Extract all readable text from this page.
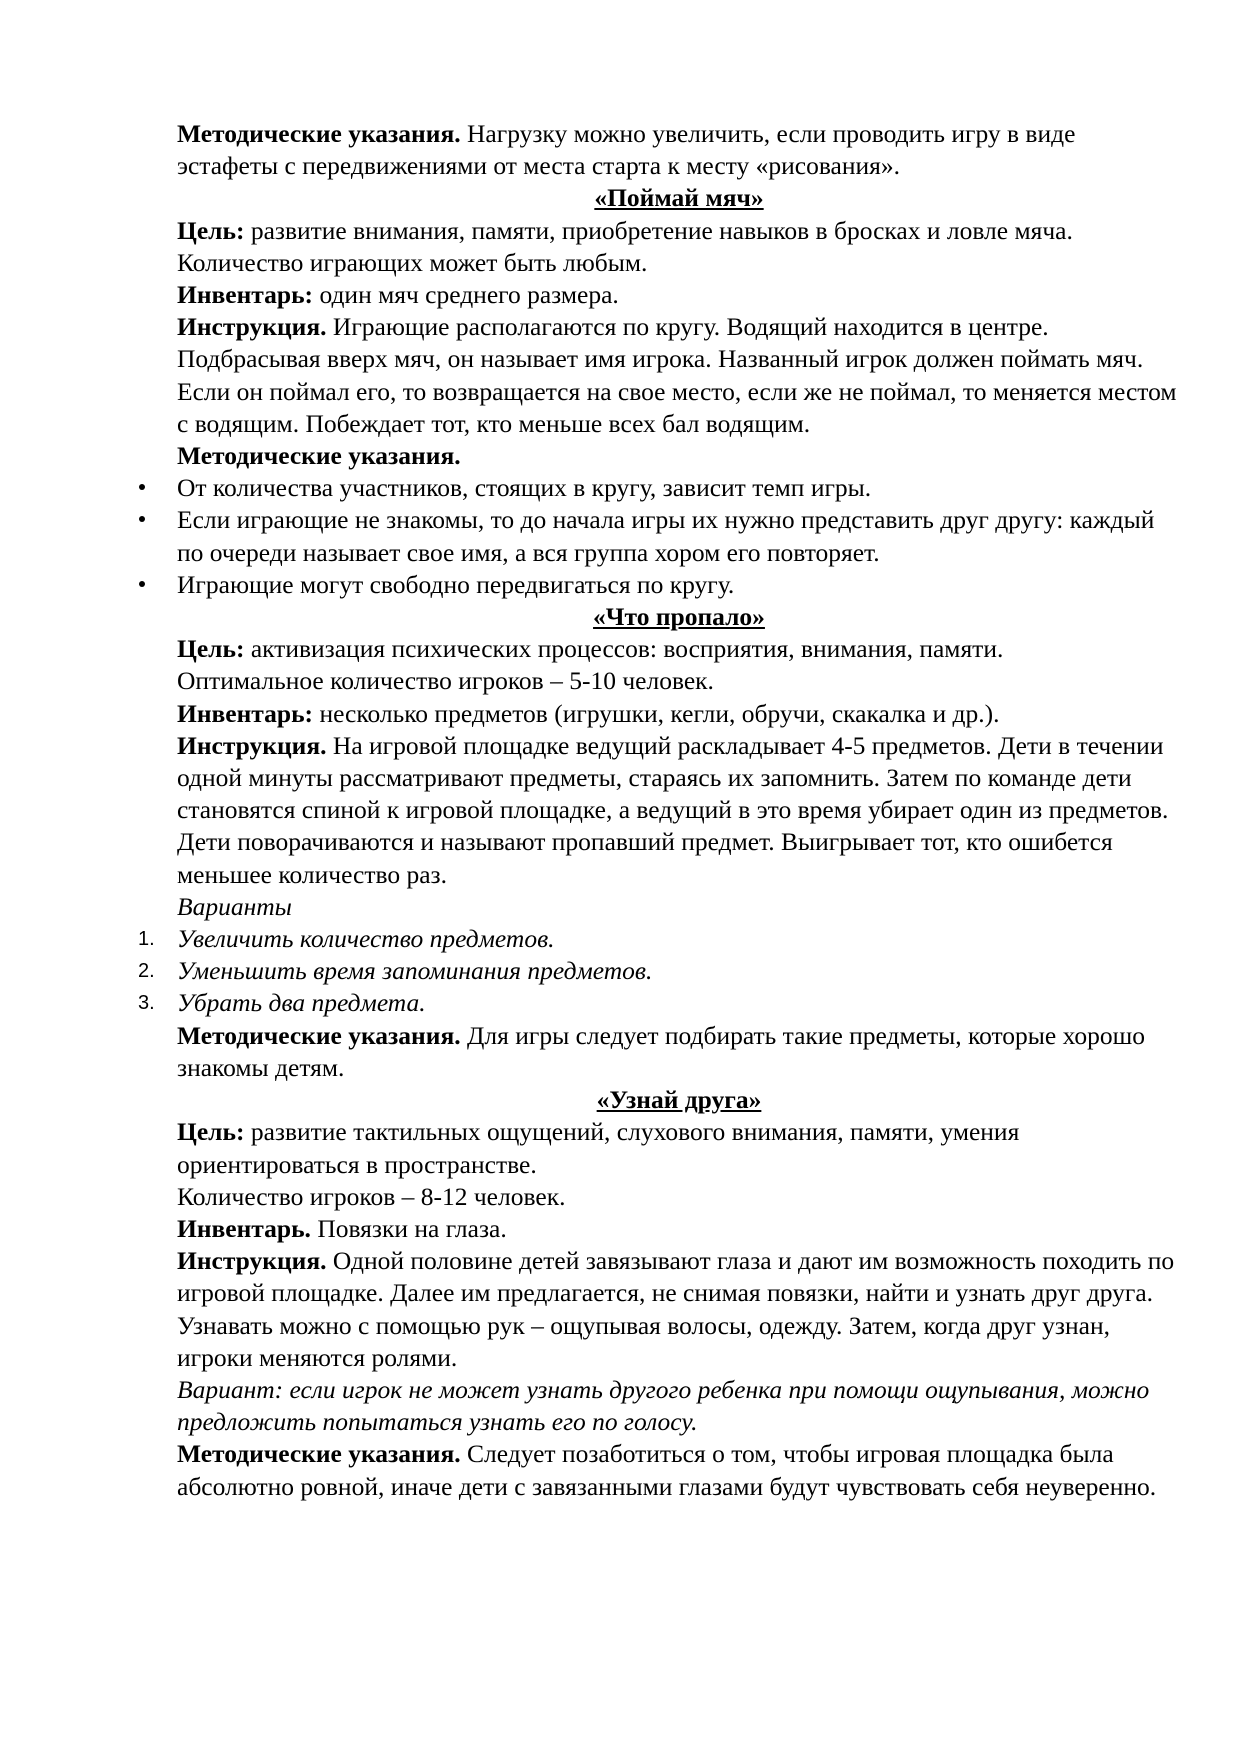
Методические указания. Нагрузку можно увеличить, если проводить игру в виде эстафеты с передвижениями от места старта к месту «рисования».

«Поймай мяч»

Цель: развитие внимания, памяти, приобретение навыков в бросках и ловле мяча.

Количество играющих может быть любым.

Инвентарь: один мяч среднего размера.

Инструкция. Играющие располагаются по кругу. Водящий находится в центре. Подбрасывая вверх мяч, он называет имя игрока. Названный игрок должен поймать мяч. Если он поймал его, то возвращается на свое место, если же не поймал, то меняется местом с водящим. Побеждает тот, кто меньше всех бал водящим.

Методические указания.

От количества участников, стоящих в кругу, зависит темп игры.

Если играющие не знакомы, то до начала игры их нужно представить друг другу: каждый по очереди называет свое имя, а вся группа хором его повторяет.

Играющие могут свободно передвигаться по кругу.

«Что пропало»

Цель: активизация психических процессов: восприятия, внимания, памяти.

Оптимальное количество игроков – 5-10 человек.

Инвентарь: несколько предметов (игрушки, кегли, обручи, скакалка и др.).

Инструкция. На игровой площадке ведущий раскладывает 4-5 предметов. Дети в течении одной минуты рассматривают предметы, стараясь их запомнить. Затем по команде дети становятся спиной к игровой площадке, а ведущий в это время убирает один из предметов. Дети поворачиваются и называют пропавший предмет. Выигрывает тот, кто ошибется меньшее количество раз.

Варианты

1. Увеличить количество предметов.

2. Уменьшить время запоминания предметов.

3. Убрать два предмета.

Методические указания. Для игры следует подбирать такие предметы, которые хорошо знакомы детям.

«Узнай друга»

Цель: развитие тактильных ощущений, слухового внимания, памяти, умения ориентироваться в пространстве.

Количество игроков – 8-12 человек.

Инвентарь. Повязки на глаза.

Инструкция. Одной половине детей завязывают глаза и дают им возможность походить по игровой площадке. Далее им предлагается, не снимая повязки, найти и узнать друг друга. Узнавать можно с помощью рук – ощупывая волосы, одежду. Затем, когда друг узнан, игроки меняются ролями.

Вариант: если игрок не может узнать другого ребенка при помощи ощупывания, можно предложить попытаться узнать его по голосу.

Методические указания. Следует позаботиться о том, чтобы игровая площадка была абсолютно ровной, иначе дети с завязанными глазами будут чувствовать себя неуверенно.
